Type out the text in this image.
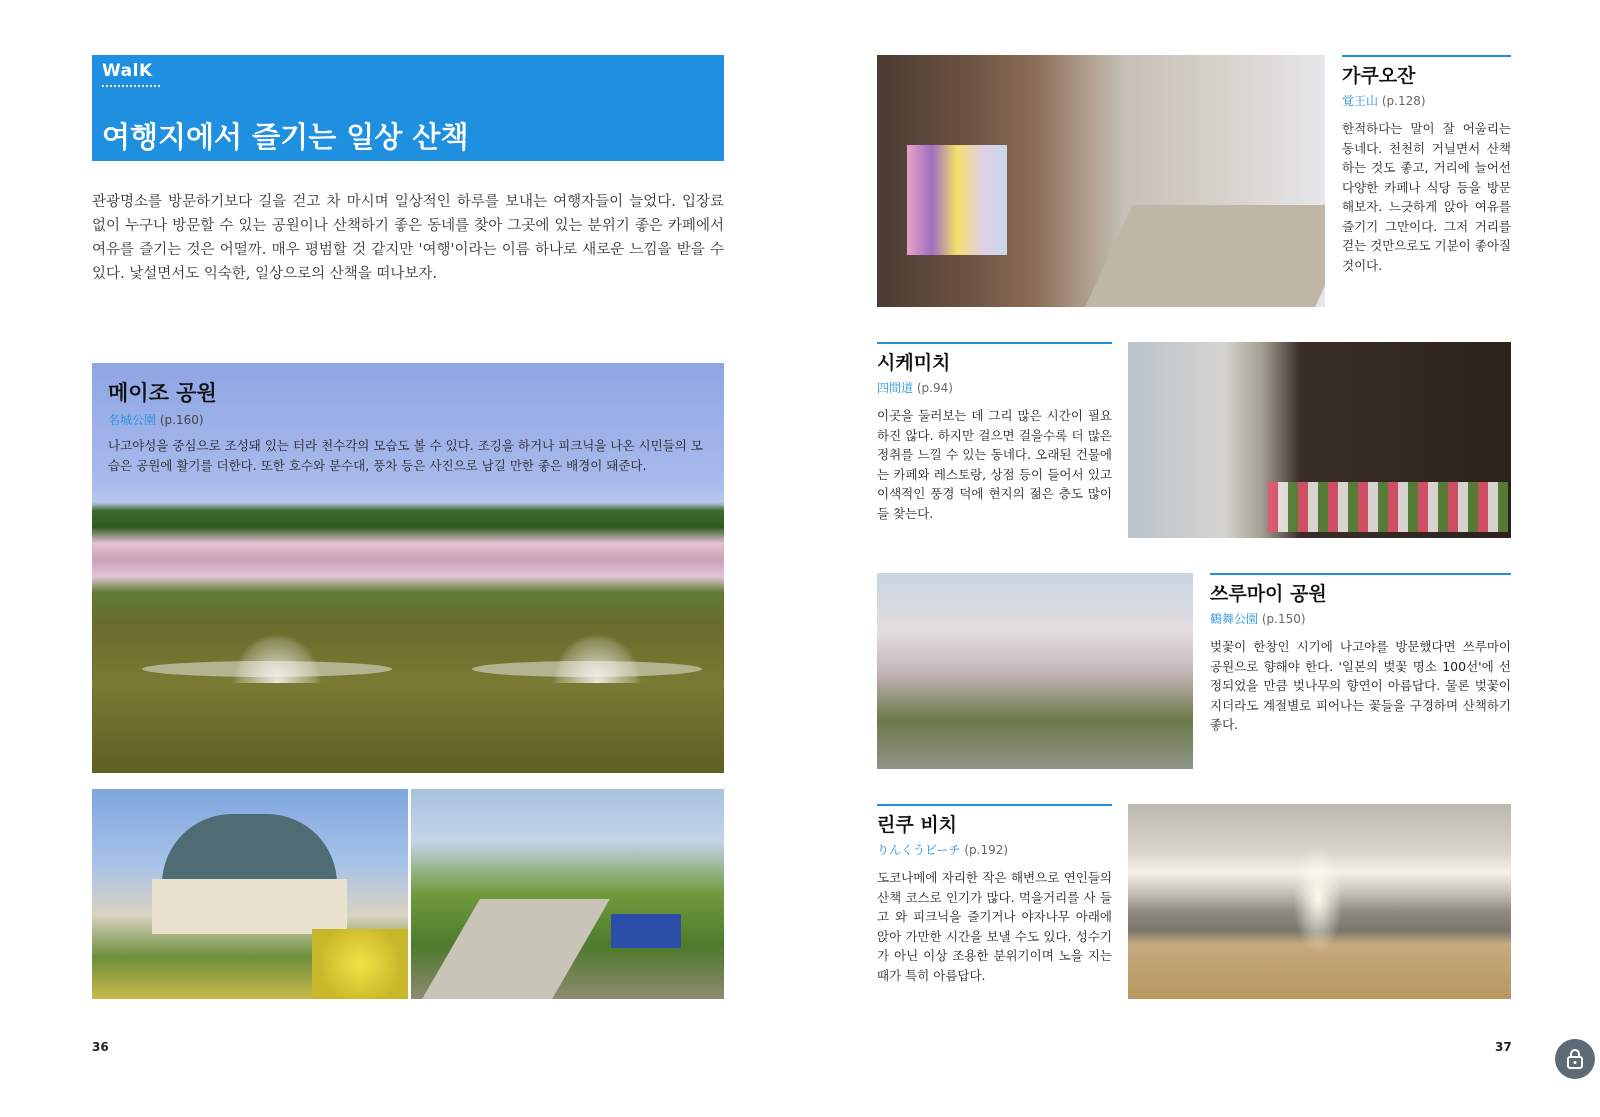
WalK
여행지에서 즐기는 일상 산책
관광명소를 방문하기보다 길을 걷고 차 마시며 일상적인 하루를 보내는 여행자들이 늘었다. 입장료 없이 누구나 방문할 수 있는 공원이나 산책하기 좋은 동네를 찾아 그곳에 있는 분위기 좋은 카페에서 여유를 즐기는 것은 어떨까. 매우 평범할 것 같지만 '여행'이라는 이름 하나로 새로운 느낌을 받을 수 있다. 낯설면서도 익숙한, 일상으로의 산책을 떠나보자.
메이조 공원
名城公園 (p.160)
나고야성을 중심으로 조성돼 있는 터라 천수각의 모습도 볼 수 있다. 조깅을 하거나 피크닉을 나온 시민들의 모습은 공원에 활기를 더한다. 또한 호수와 분수대, 풍차 등은 사진으로 남길 만한 좋은 배경이 돼준다.
36
가쿠오잔
覚王山 (p.128)
한적하다는 말이 잘 어울리는 동네다. 천천히 거닐면서 산책하는 것도 좋고, 거리에 늘어선 다양한 카페나 식당 등을 방문해보자. 느긋하게 앉아 여유를 즐기기 그만이다. 그저 거리를 걷는 것만으로도 기분이 좋아질 것이다.
시케미치
四間道 (p.94)
이곳을 둘러보는 데 그리 많은 시간이 필요하진 않다. 하지만 걸으면 걸을수록 더 많은 정취를 느낄 수 있는 동네다. 오래된 건물에는 카페와 레스토랑, 상점 등이 들어서 있고 이색적인 풍경 덕에 현지의 젊은 층도 많이들 찾는다.
쓰루마이 공원
鶴舞公園 (p.150)
벚꽃이 한창인 시기에 나고야를 방문했다면 쓰루마이 공원으로 향해야 한다. '일본의 벚꽃 명소 100선'에 선정되었을 만큼 벚나무의 향연이 아름답다. 물론 벚꽃이 지더라도 계절별로 피어나는 꽃들을 구경하며 산책하기 좋다.
린쿠 비치
りんくうビーチ (p.192)
도코나메에 자리한 작은 해변으로 연인들의 산책 코스로 인기가 많다. 먹을거리를 사 들고 와 피크닉을 즐기거나 야자나무 아래에 앉아 가만한 시간을 보낼 수도 있다. 성수기가 아닌 이상 조용한 분위기이며 노을 지는 때가 특히 아름답다.
37
